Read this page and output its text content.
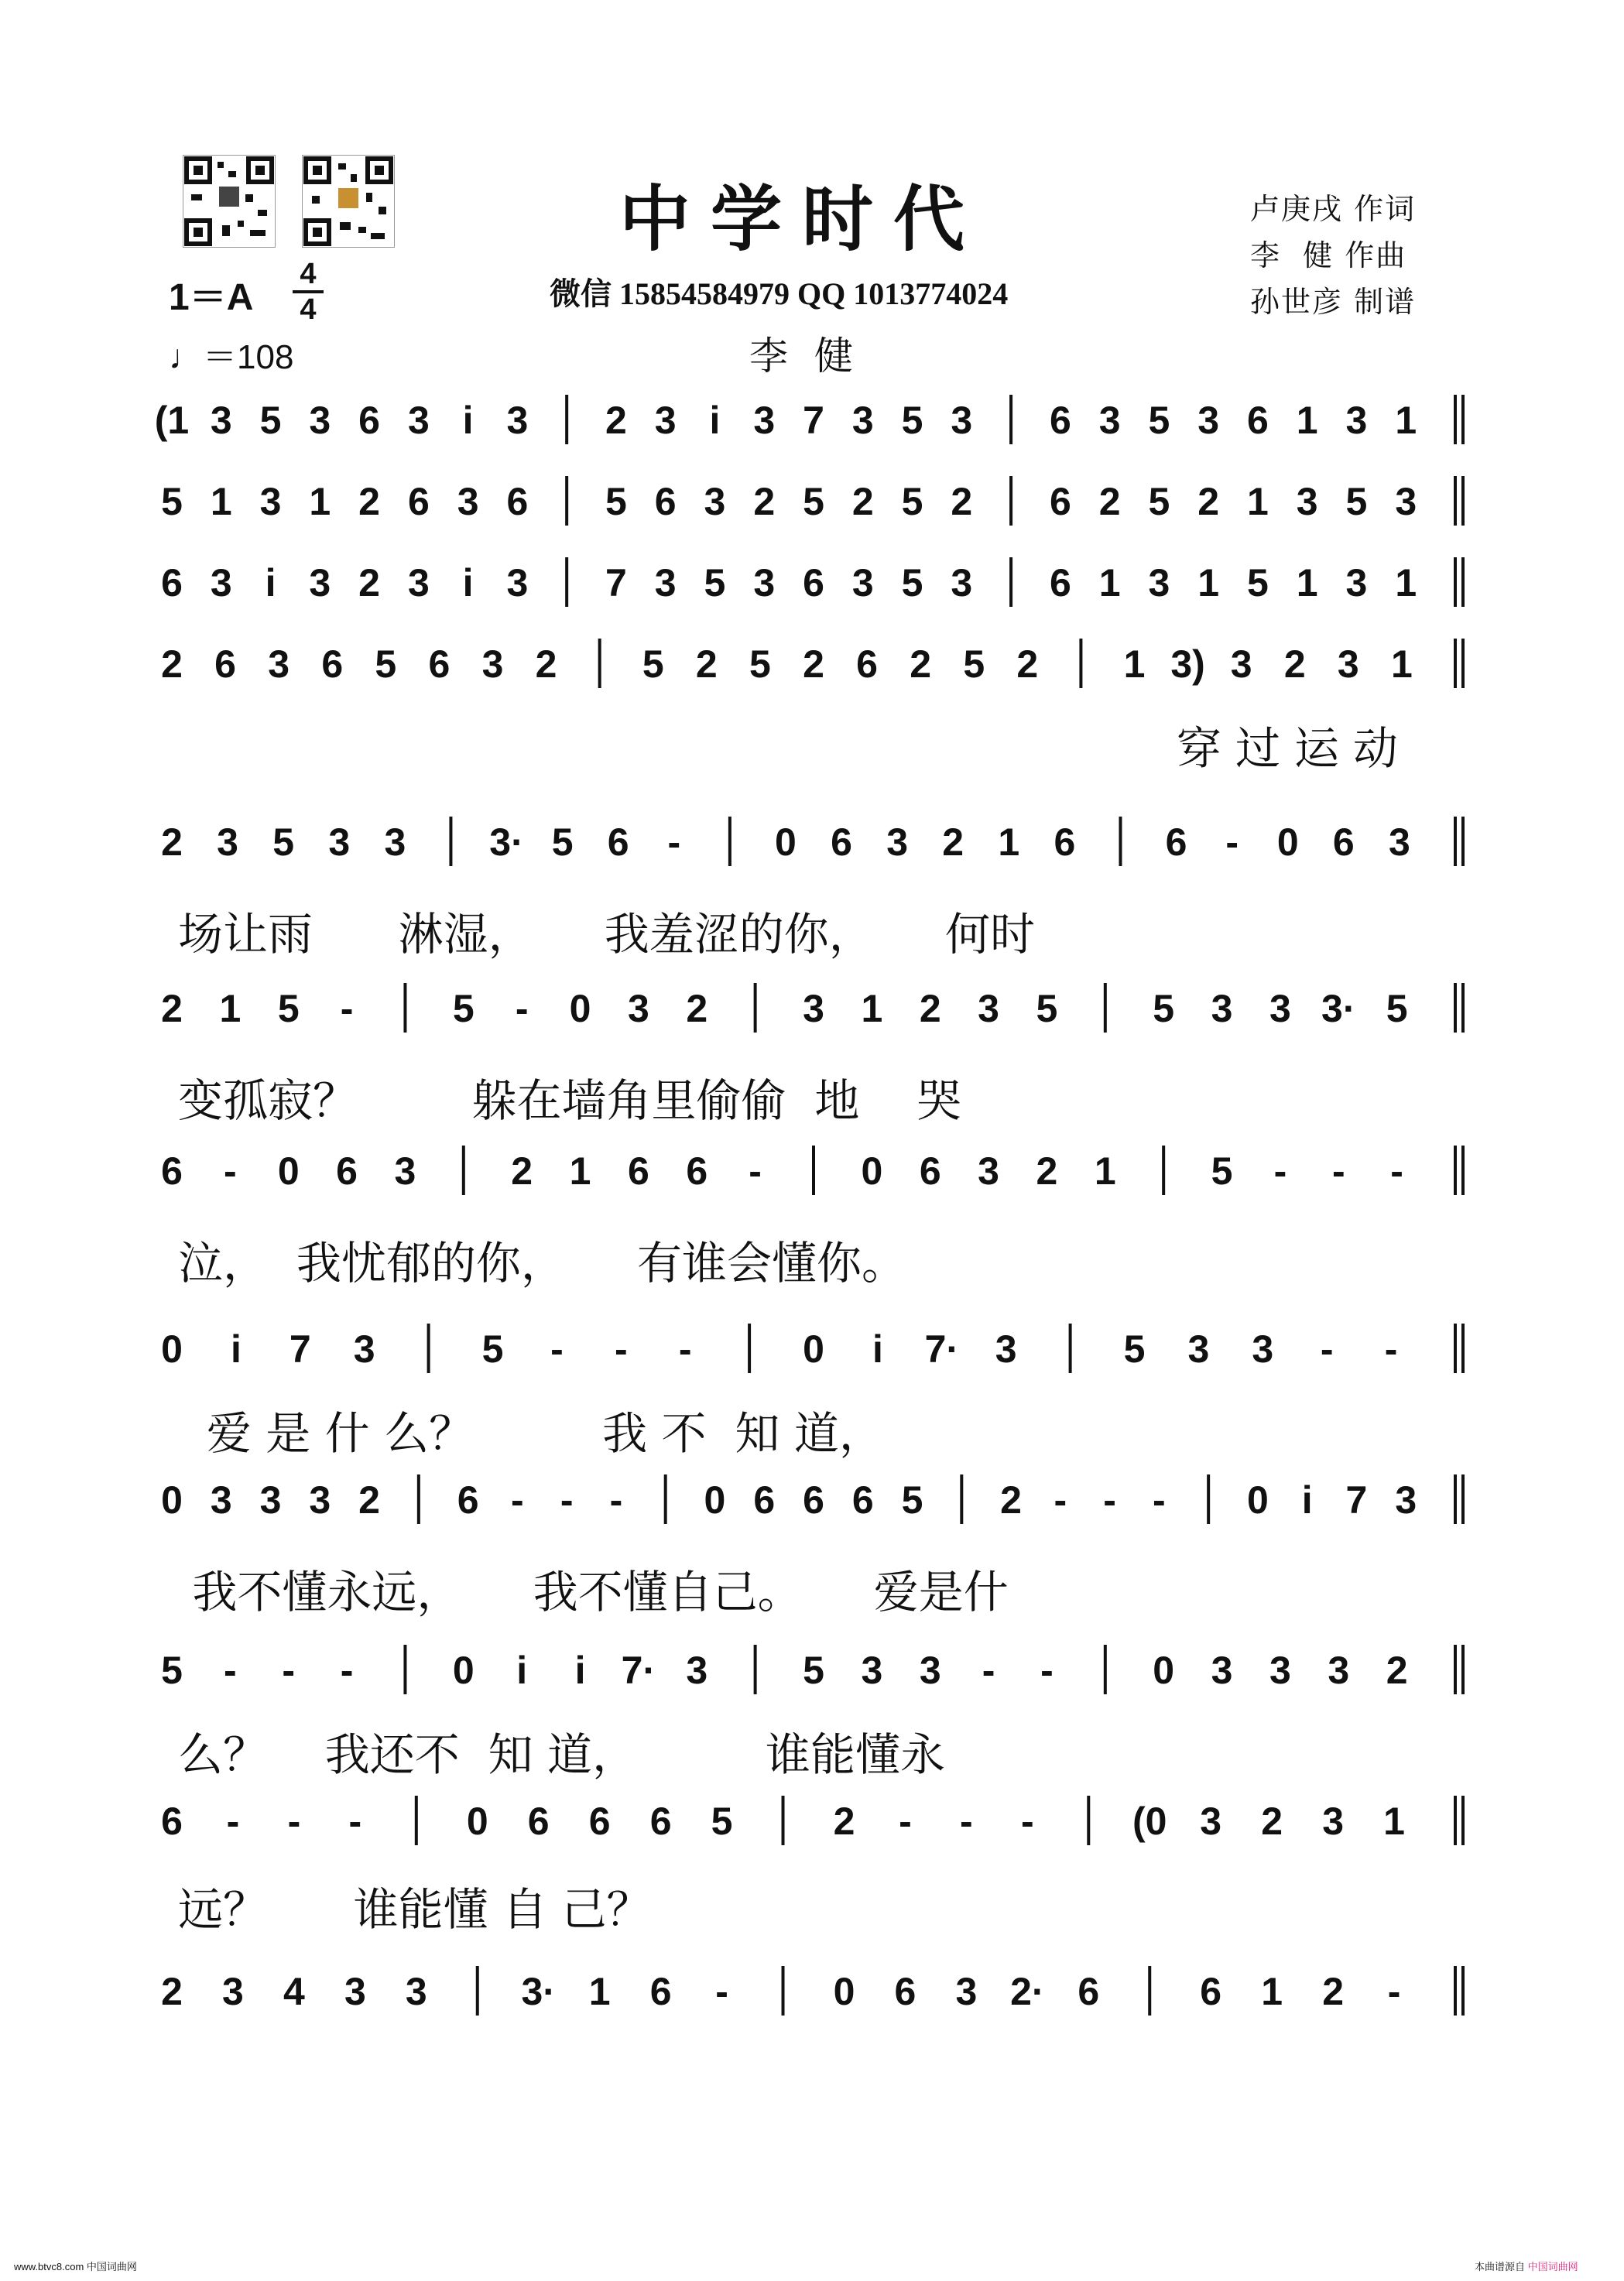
中学时代	卢庚戌 作词
李  健 作曲
孙世彦 制谱
1＝A
4
4	微信 15854584979 QQ 1013774024
♩＝108	李健
(1 3 5 3 6 3 i 3 2 3 i 3 7 3 5 3 6 3 5 3 6 1 3 1
5 1 3 1 2 6 3 6 5 6 3 2 5 2 5 2 6 2 5 2 1 3 5 3
6 3 i 3 2 3 i 3 7 3 5 3 6 3 5 3 6 1 3 1 5 1 3 1
2 6 3 6 5 6 3 2 5 2 5 2 6 2 5 2 1 3) 3 2 3 1
2 3 5 3 3 3· 5 6 - 0 6 3 2 1 6 6 - 0 6 3
2 1 5 -	5 - 0 3 2 3 1 2 3 5 5 3 3 3· 5
6 - 0 6 3 2 1 6 6 -	0 6 3 2 1 5 - - -
0 i 7 3	5 - - -	0 i 7· 3	5 3 3 - -
0 3 3 3 2 6 - - - 0 6 6 6 5 2 - - - 0 i 7 3
5 - - -	0 i i 7· 3 5 3 3 - -	0 3 3 3 2
6 - - -	0 6 6 6 5	2 - - -	(0 3 2 3 1
2 3 4 3 3 3· 1 6 -	0 6 3 2· 6	6 1 2 -
穿过运动
场让雨      淋湿，     我羞涩的你，     何时
变孤寂？        躲在墙角里偷偷  地    哭
泣，  我忧郁的你，     有谁会懂你。
爱 是 什 么？         我 不  知 道，
我不懂永远，     我不懂自己。     爱是什
么？    我还不  知 道，         谁能懂永
远？      谁能懂 自 己？
www.btvc8.com 中国词曲网	本曲谱源自 中国词曲网
